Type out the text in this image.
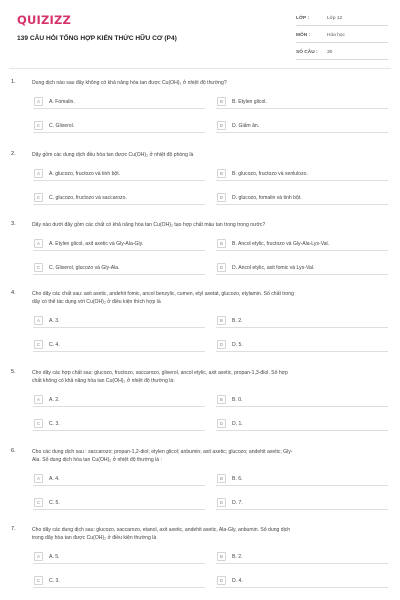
QUIZIZZ
139 CÂU HỎI TỔNG HỢP KIẾN THỨC HỮU CƠ (P4)
LỚP :	Lớp 12
MÔN :	Hóa học
SỐ CÂU :	30
1.	Dung dịch nào sau đây không có khả năng hòa tan được Cu(OH)₂ ở nhiệt độ thường?
A	A. Fomalin.	B	B. Etylen glicol.
C	C. Glixerol.	D	D. Giấm ăn.
2.	Dãy gồm các dung dịch đều hòa tan được Cu(OH)₂ ở nhiệt độ phòng là
A	A. glucozo, fructozo và tinh bột.	B	B. glucozo, fructozo và xenlulozo.
C	C. glucozo, fructozo và saccarozo.	D	D. glucozo, fomalin và tinh bột.
3.	Dãy nào dưới đây gồm các chất có khả năng hòa tan Cu(OH)₂ tạo hợp chất màu tan trong trong nước?
A	A. Etylen glicol, axit axetic và Gly-Ala-Gly.	B	B. Ancol etylic, fructozo và Gly-Ala-Lys-Val.
C	C. Glixerol, glucozo và Gly-Ala.	D	D. Ancol etylic, axit fomic và Lys-Val.
4.	Cho dãy các chất sau: axit axetic, andehit fomic, ancol benzylic, cumen, etyl axetat, glucozo, etylamin. Số chất trong
dãy có thể tác dụng với Cu(OH)₂ ở điều kiện thích hợp là
A	A. 3.	B	B. 2.
C	C. 4.	D	D. 5.
5.	Cho dãy các hợp chất sau: glucozo, fructozo, saccarozo, glixerol, ancol etylic, axit axetic, propan-1,3-điol. Số hợp
chất không có khả năng hòa tan Cu(OH)₂ ở nhiệt độ thường là:
A	A. 2.	B	B. 0.
C	C. 3.	D	D. 1.
6.	Cho các dung dịch sau : saccarozo; propan-1,2-diol; etylen glicol; anbumin; axit axetic; glucozo; andehit axetic; Gly-
Ala. Số dung dịch hòa tan Cu(OH)₂ ở nhiệt độ thường là :
A	A. 4.	B	B. 6.
C	C. 5.	D	D. 7.
7.	Cho dãy các dung dịch sau: glucozo, saccarozo, etanol, axit axetic, andehit axetic, Ala-Gly, anbumin. Số dung dịch
trong dãy hòa tan được Cu(OH)₂ ở điều kiện thường là
A	A. 5.	B	B. 2.
C	C. 3.	D	D. 4.
